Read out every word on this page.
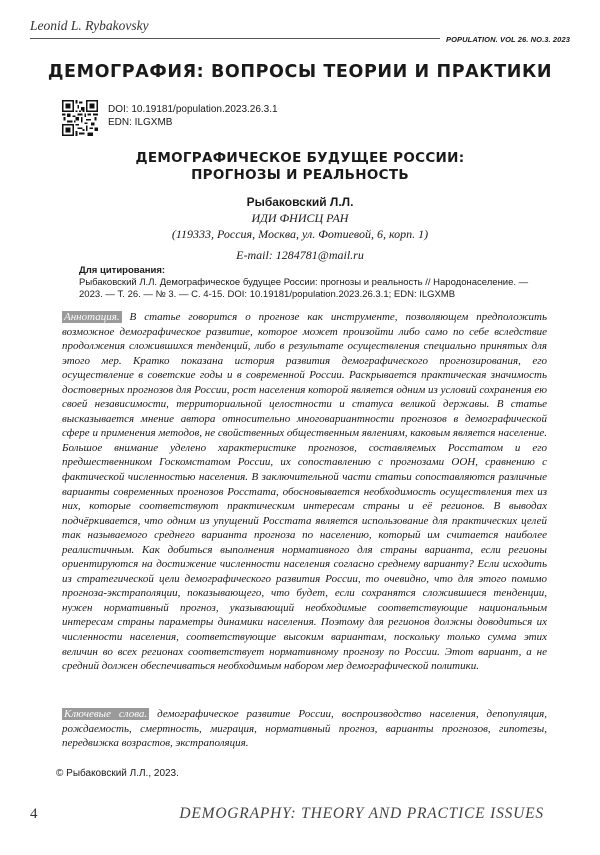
Leonid L. Rybakovsky
POPULATION. VOL 26. NO.3. 2023
ДЕМОГРАФИЯ: ВОПРОСЫ ТЕОРИИ И ПРАКТИКИ
DOI: 10.19181/population.2023.26.3.1
EDN: ILGXMB
ДЕМОГРАФИЧЕСКОЕ БУДУЩЕЕ РОССИИ:
ПРОГНОЗЫ И РЕАЛЬНОСТЬ
Рыбаковский Л.Л.
ИДИ ФНИСЦ РАН
(119333, Россия, Москва, ул. Фотиевой, 6, корп. 1)
E-mail: 1284781@mail.ru
Для цитирования:
Рыбаковский Л.Л. Демографическое будущее России: прогнозы и реальность // Народонаселение. — 2023. — Т. 26. — № 3. — С. 4-15. DOI: 10.19181/population.2023.26.3.1; EDN: ILGXMB
Аннотация. В статье говорится о прогнозе как инструменте, позволяющем предположить возможное демографическое развитие, которое может произойти либо само по себе вследствие продолжения сложившихся тенденций, либо в результате осуществления специально принятых для этого мер. Кратко показана история развития демографического прогнозирования, его осуществление в советские годы и в современной России. Раскрывается практическая значимость достоверных прогнозов для России, рост населения которой является одним из условий сохранения ею своей независимости, территориальной целостности и статуса великой державы. В статье высказывается мнение автора относительно многовариантности прогнозов в демографической сфере и применения методов, не свойственных общественным явлениям, каковым является население. Большое внимание уделено характеристике прогнозов, составляемых Росстатом и его предшественником Госкомстатом России, их сопоставлению с прогнозами ООН, сравнению с фактической численностью населения. В заключительной части статьи сопоставляются различные варианты современных прогнозов Росстата, обосновывается необходимость осуществления тех из них, которые соответствуют практическим интересам страны и её регионов. В выводах подчёркивается, что одним из упущений Росстата является использование для практических целей так называемого среднего варианта прогноза по населению, который им считается наиболее реалистичным. Как добиться выполнения нормативного для страны варианта, если регионы ориентируются на достижение численности населения согласно среднему варианту? Если исходить из стратегической цели демографического развития России, то очевидно, что для этого помимо прогноза-экстраполяции, показывающего, что будет, если сохранятся сложившиеся тенденции, нужен нормативный прогноз, указывающий необходимые соответствующие национальным интересам страны параметры динамики населения. Поэтому для регионов должны доводиться их численности населения, соответствующие высоким вариантам, поскольку только сумма этих величин во всех регионах соответствует нормативному прогнозу по России. Этот вариант, а не средний должен обеспечиваться необходимым набором мер демографической политики.
Ключевые слова. демографическое развитие России, воспроизводство населения, депопуляция, рождаемость, смертность, миграция, нормативный прогноз, варианты прогнозов, гипотезы, передвижка возрастов, экстраполяция.
© Рыбаковский Л.Л., 2023.
4	DEMOGRAPHY: THEORY AND PRACTICE ISSUES
